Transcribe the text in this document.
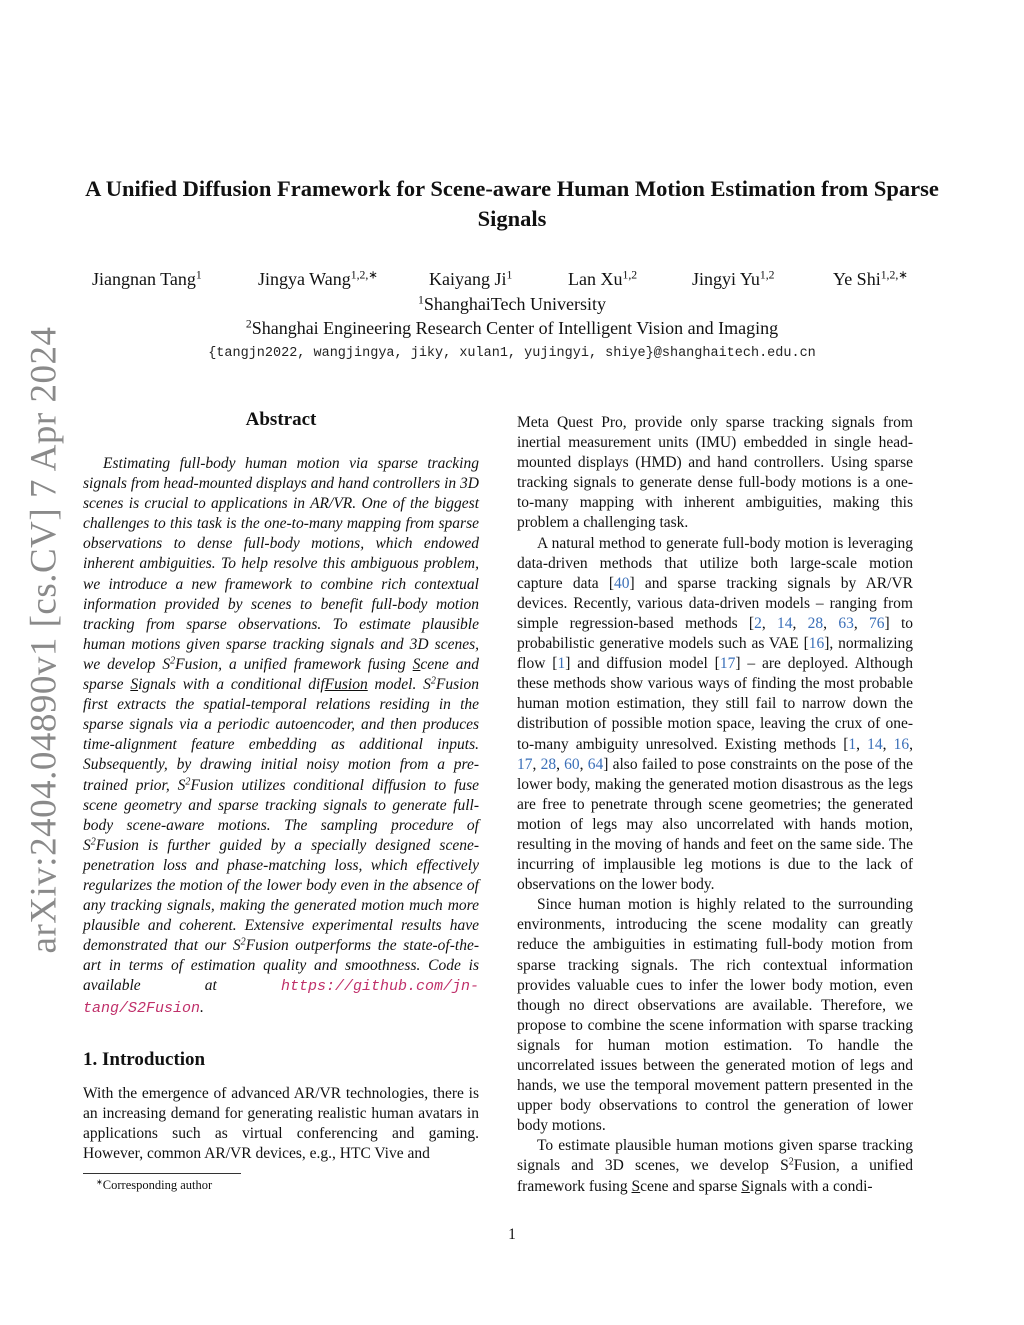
arXiv:2404.04890v1 [cs.CV] 7 Apr 2024
A Unified Diffusion Framework for Scene-aware Human Motion Estimation from Sparse Signals
Jiangnan Tang$^1$	Jingya Wang$^{1,2,∗}$	Kaiyang Ji$^1$	Lan Xu$^{1,2}$	Jingyi Yu$^{1,2}$	Ye Shi$^{1,2,∗}$
$^1$ShanghaiTech University
$^2$Shanghai Engineering Research Center of Intelligent Vision and Imaging
{tangjn2022, wangjingya, jiky, xulan1, yujingyi, shiye}@shanghaitech.edu.cn
Abstract

Estimating full-body human motion via sparse tracking signals from head-mounted displays and hand controllers in 3D scenes is crucial to applications in AR/VR. One of the biggest challenges to this task is the one-to-many mapping from sparse observations to dense full-body motions, which endowed inherent ambiguities. To help resolve this ambiguous problem, we introduce a new framework to combine rich contextual information provided by scenes to benefit full-body motion tracking from sparse observations. To estimate plausible human motions given sparse tracking signals and 3D scenes, we develop $S^2Fusion$, a unified framework fusing Scene and sparse Signals with a conditional difFusion model. $S^2Fusion$ first extracts the spatial-temporal relations residing in the sparse signals via a periodic autoencoder, and then produces time-alignment feature embedding as additional inputs. Subsequently, by drawing initial noisy motion from a pre-trained prior, $S^2Fusion$ utilizes conditional diffusion to fuse scene geometry and sparse tracking signals to generate full-body scene-aware motions. The sampling procedure of $S^2Fusion$ is further guided by a specially designed scene-penetration loss and phase-matching loss, which effectively regularizes the motion of the lower body even in the absence of any tracking signals, making the generated motion much more plausible and coherent. Extensive experimental results have demonstrated that our $S^2Fusion$ outperforms the state-of-the-art in terms of estimation quality and smoothness. Code is available at https://github.com/jn-tang/S2Fusion.

1. Introduction

With the emergence of advanced AR/VR technologies, there is an increasing demand for generating realistic human avatars in applications such as virtual conferencing and gaming. However, common AR/VR devices, e.g., HTC Vive and

∗Corresponding author

Meta Quest Pro, provide only sparse tracking signals from inertial measurement units (IMU) embedded in single head-mounted displays (HMD) and hand controllers. Using sparse tracking signals to generate dense full-body motions is a one-to-many mapping with inherent ambiguities, making this problem a challenging task.

A natural method to generate full-body motion is leveraging data-driven methods that utilize both large-scale motion capture data [40] and sparse tracking signals by AR/VR devices. Recently, various data-driven models – ranging from simple regression-based methods [2, 14, 28, 63, 76] to probabilistic generative models such as VAE [16], normalizing flow [1] and diffusion model [17] – are deployed. Although these methods show various ways of finding the most probable human motion estimation, they still fail to narrow down the distribution of possible motion space, leaving the crux of one-to-many ambiguity unresolved. Existing methods [1, 14, 16, 17, 28, 60, 64] also failed to pose constraints on the pose of the lower body, making the generated motion disastrous as the legs are free to penetrate through scene geometries; the generated motion of legs may also uncorrelated with hands motion, resulting in the moving of hands and feet on the same side. The incurring of implausible leg motions is due to the lack of observations on the lower body.

Since human motion is highly related to the surrounding environments, introducing the scene modality can greatly reduce the ambiguities in estimating full-body motion from sparse tracking signals. The rich contextual information provides valuable cues to infer the lower body motion, even though no direct observations are available. Therefore, we propose to combine the scene information with sparse tracking signals for human motion estimation. To handle the uncorrelated issues between the generated motion of legs and hands, we use the temporal movement pattern presented in the upper body observations to control the generation of lower body motions.

To estimate plausible human motions given sparse tracking signals and 3D scenes, we develop $S^2Fusion$, a unified framework fusing Scene and sparse Signals with a condi-

1
